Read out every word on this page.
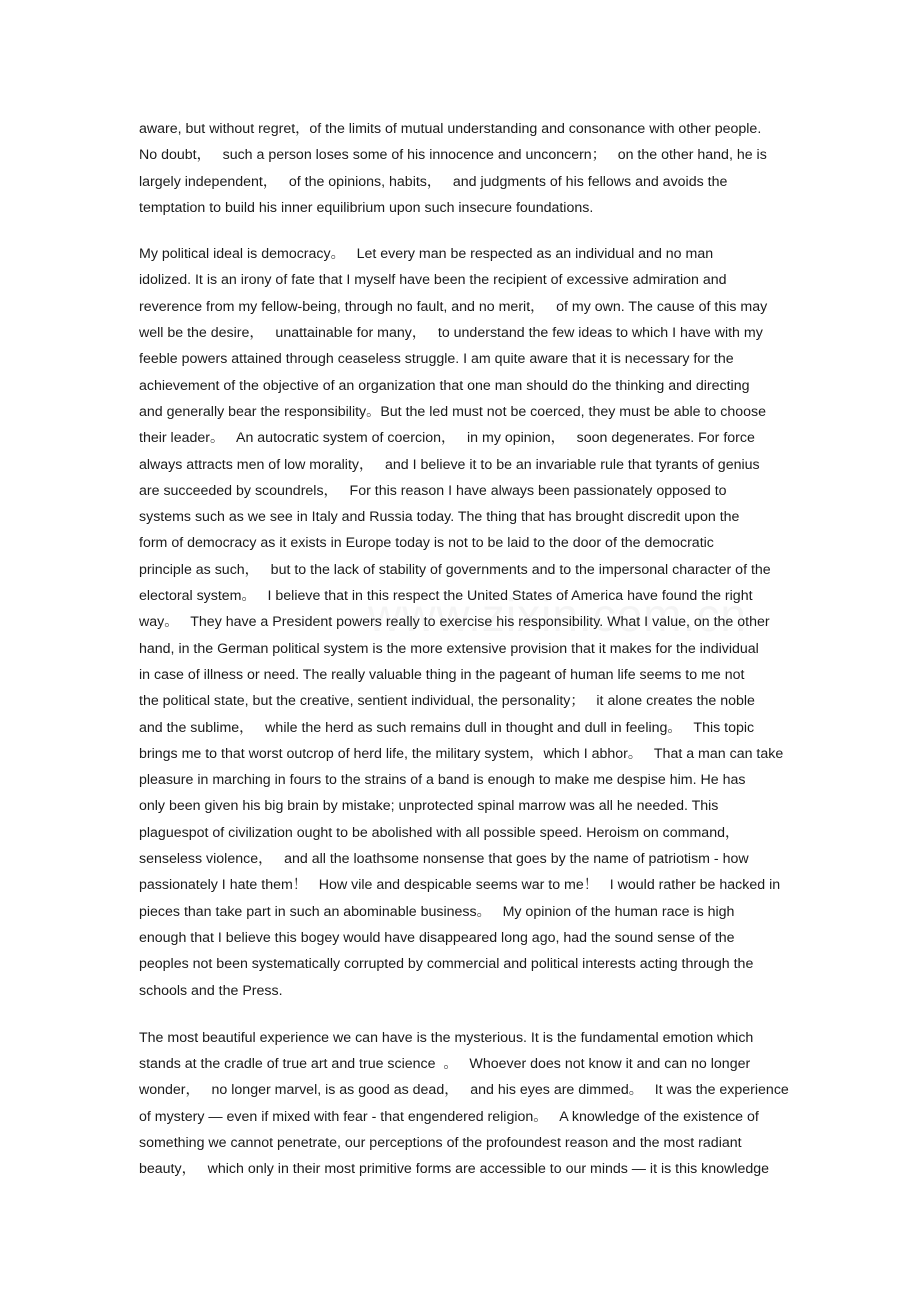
aware, but without regret，of the limits of mutual understanding and consonance with other people.
No doubt，   such a person loses some of his innocence and unconcern；   on the other hand, he is
largely independent，   of the opinions, habits，   and judgments of his fellows and avoids the
temptation to build his inner equilibrium upon such insecure foundations.
My political ideal is democracy。   Let every man be respected as an individual and no man
idolized. It is an irony of fate that I myself have been the recipient of excessive admiration and
reverence from my fellow-being, through no fault, and no merit，   of my own. The cause of this may
well be the desire，   unattainable for many，   to understand the few ideas to which I have with my
feeble powers attained through ceaseless struggle. I am quite aware that it is necessary for the
achievement of the objective of an organization that one man should do the thinking and directing
and generally bear the responsibility。But the led must not be coerced, they must be able to choose
their leader。   An autocratic system of coercion，   in my opinion，   soon degenerates. For force
always attracts men of low morality，   and I believe it to be an invariable rule that tyrants of genius
are succeeded by scoundrels，   For this reason I have always been passionately opposed to
systems such as we see in Italy and Russia today. The thing that has brought discredit upon the
form of democracy as it exists in Europe today is not to be laid to the door of the democratic
principle as such，   but to the lack of stability of governments and to the impersonal character of the
electoral system。   I believe that in this respect the United States of America have found the right
way。   They have a President powers really to exercise his responsibility. What I value, on the other
hand, in the German political system is the more extensive provision that it makes for the individual
in case of illness or need. The really valuable thing in the pageant of human life seems to me not
the political state, but the creative, sentient individual, the personality；   it alone creates the noble
and the sublime，   while the herd as such remains dull in thought and dull in feeling。   This topic
brings me to that worst outcrop of herd life, the military system，which I abhor。   That a man can take
pleasure in marching in fours to the strains of a band is enough to make me despise him. He has
only been given his big brain by mistake; unprotected spinal marrow was all he needed. This
plaguespot of civilization ought to be abolished with all possible speed. Heroism on command，
senseless violence，   and all the loathsome nonsense that goes by the name of patriotism - how
passionately I hate them！   How vile and despicable seems war to me！   I would rather be hacked in
pieces than take part in such an abominable business。   My opinion of the human race is high
enough that I believe this bogey would have disappeared long ago, had the sound sense of the
peoples not been systematically corrupted by commercial and political interests acting through the
schools and the Press.
The most beautiful experience we can have is the mysterious. It is the fundamental emotion which
stands at the cradle of true art and true science  。   Whoever does not know it and can no longer
wonder，   no longer marvel, is as good as dead，   and his eyes are dimmed。   It was the experience
of mystery — even if mixed with fear - that engendered religion。   A knowledge of the existence of
something we cannot penetrate, our perceptions of the profoundest reason and the most radiant
beauty，   which only in their most primitive forms are accessible to our minds — it is this knowledge
